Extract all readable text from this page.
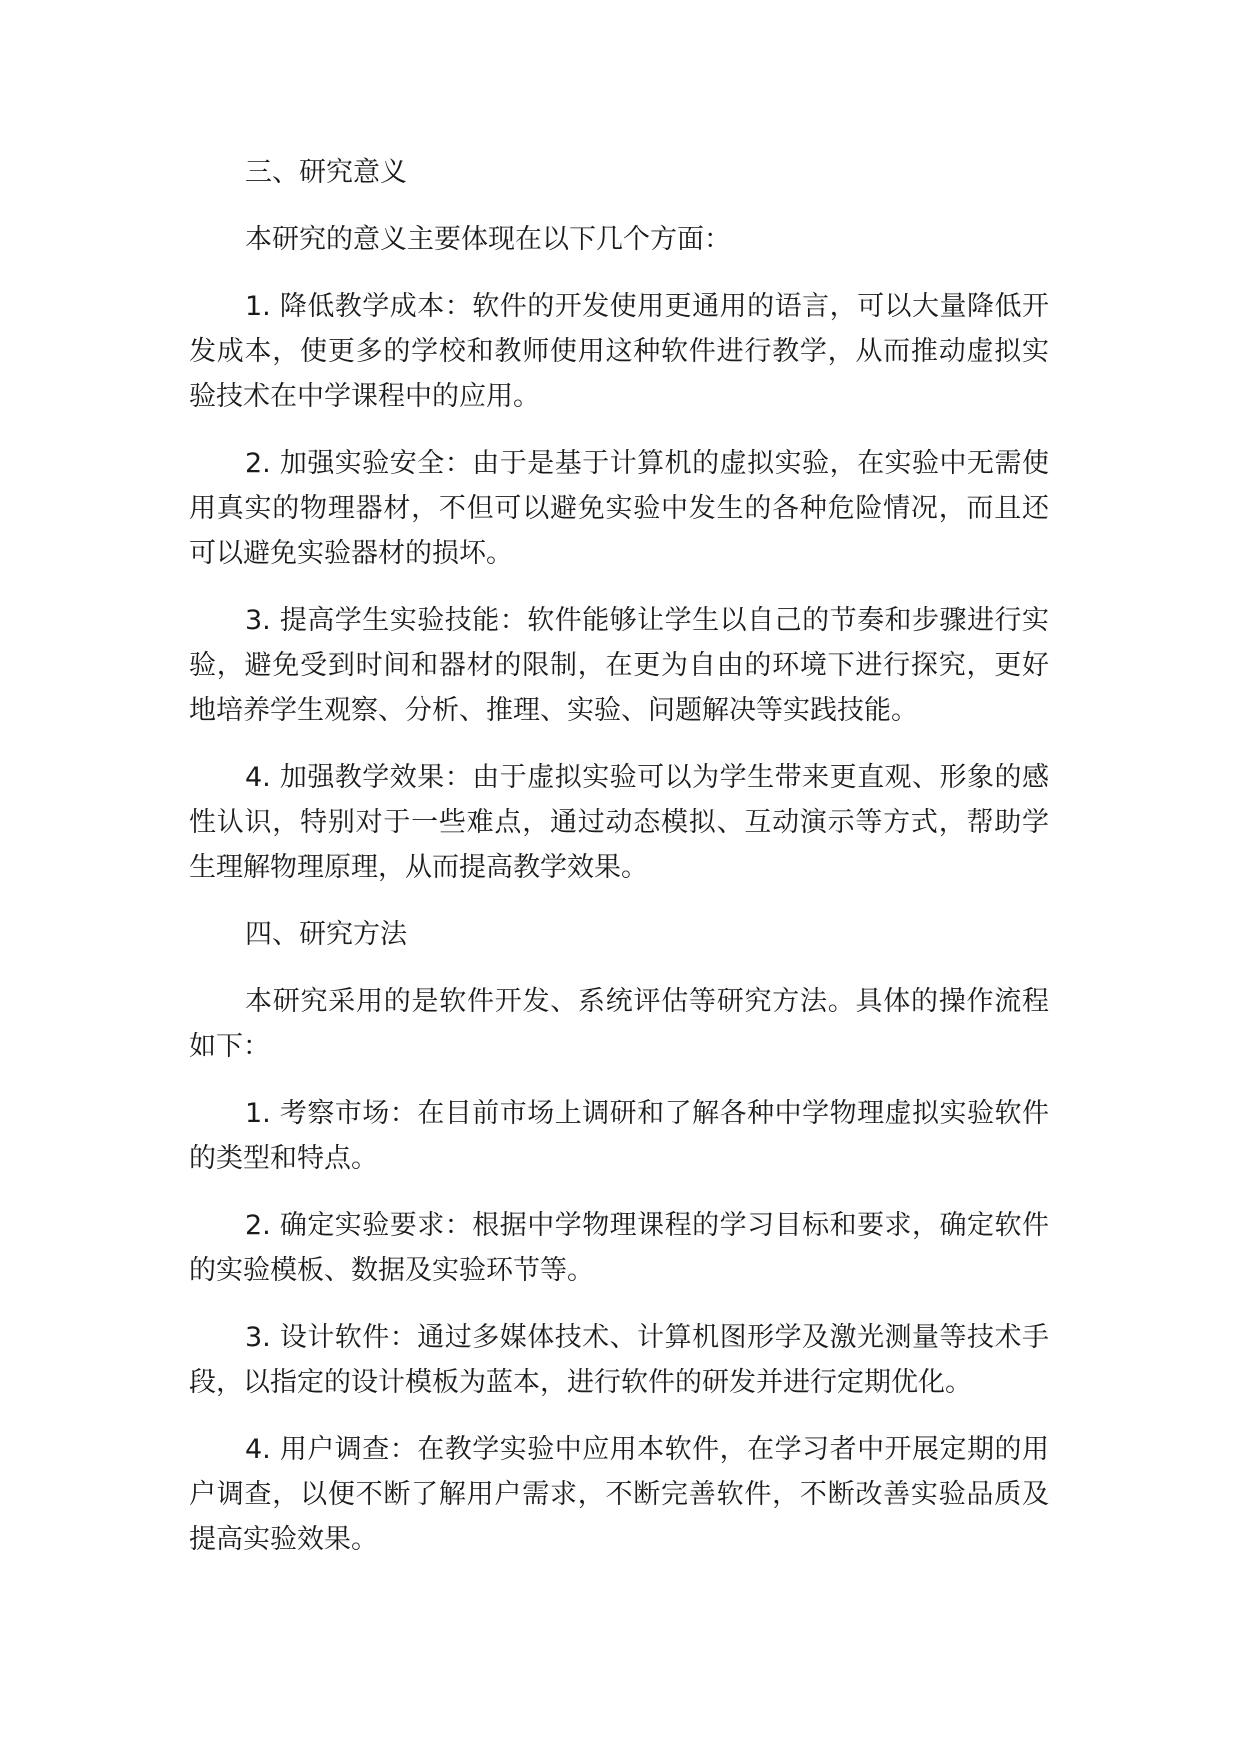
三、研究意义

本研究的意义主要体现在以下几个方面：

1. 降低教学成本：软件的开发使用更通用的语言，可以大量降低开发成本，使更多的学校和教师使用这种软件进行教学，从而推动虚拟实验技术在中学课程中的应用。

2. 加强实验安全：由于是基于计算机的虚拟实验，在实验中无需使用真实的物理器材，不但可以避免实验中发生的各种危险情况，而且还可以避免实验器材的损坏。

3. 提高学生实验技能：软件能够让学生以自己的节奏和步骤进行实验，避免受到时间和器材的限制，在更为自由的环境下进行探究，更好地培养学生观察、分析、推理、实验、问题解决等实践技能。

4. 加强教学效果：由于虚拟实验可以为学生带来更直观、形象的感性认识，特别对于一些难点，通过动态模拟、互动演示等方式，帮助学生理解物理原理，从而提高教学效果。

四、研究方法

本研究采用的是软件开发、系统评估等研究方法。具体的操作流程如下：

1. 考察市场：在目前市场上调研和了解各种中学物理虚拟实验软件的类型和特点。

2. 确定实验要求：根据中学物理课程的学习目标和要求，确定软件的实验模板、数据及实验环节等。

3. 设计软件：通过多媒体技术、计算机图形学及激光测量等技术手段，以指定的设计模板为蓝本，进行软件的研发并进行定期优化。

4. 用户调查：在教学实验中应用本软件，在学习者中开展定期的用户调查，以便不断了解用户需求，不断完善软件，不断改善实验品质及提高实验效果。
